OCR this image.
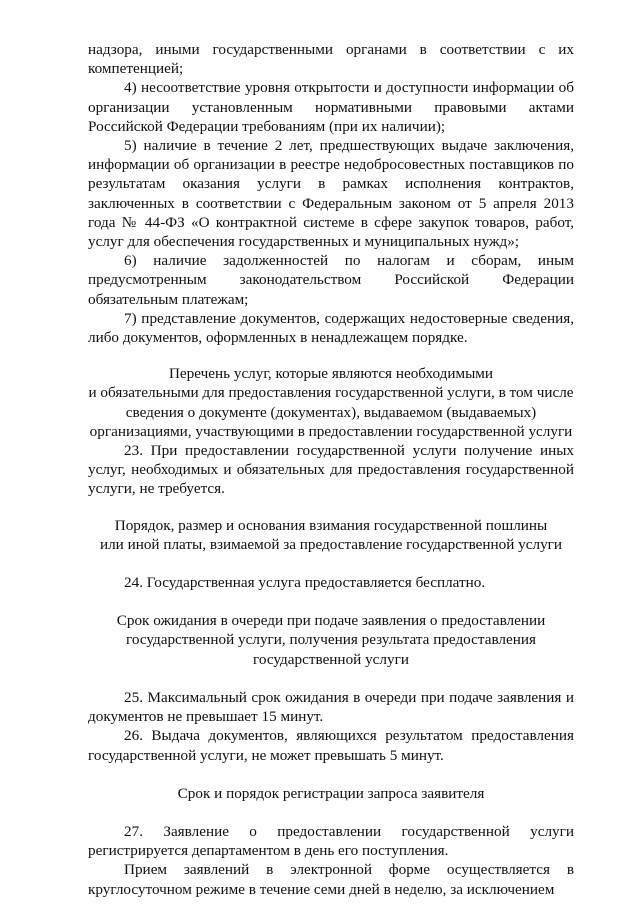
надзора, иными государственными органами в соответствии с их компетенцией;

4) несоответствие уровня открытости и доступности информации об организации установленным нормативными правовыми актами Российской Федерации требованиям (при их наличии);

5) наличие в течение 2 лет, предшествующих выдаче заключения, информации об организации в реестре недобросовестных поставщиков по результатам оказания услуги в рамках исполнения контрактов, заключенных в соответствии с Федеральным законом от 5 апреля 2013 года № 44-ФЗ «О контрактной системе в сфере закупок товаров, работ, услуг для обеспечения государственных и муниципальных нужд»;

6) наличие задолженностей по налогам и сборам, иным предусмотренным законодательством Российской Федерации обязательным платежам;

7) представление документов, содержащих недостоверные сведения, либо документов, оформленных в ненадлежащем порядке.

Перечень услуг, которые являются необходимыми

и обязательными для предоставления государственной услуги, в том числе

сведения о документе (документах), выдаваемом (выдаваемых)

организациями, участвующими в предоставлении государственной услуги

23. При предоставлении государственной услуги получение иных услуг, необходимых и обязательных для предоставления государственной услуги, не требуется.

Порядок, размер и основания взимания государственной пошлины

или иной платы, взимаемой за предоставление государственной услуги

24. Государственная услуга предоставляется бесплатно.

Срок ожидания в очереди при подаче заявления о предоставлении

государственной услуги, получения результата предоставления

государственной услуги

25. Максимальный срок ожидания в очереди при подаче заявления и документов не превышает 15 минут.

26. Выдача документов, являющихся результатом предоставления государственной услуги, не может превышать 5 минут.

Срок и порядок регистрации запроса заявителя

27. Заявление о предоставлении государственной услуги регистрируется департаментом в день его поступления.

Прием заявлений в электронной форме осуществляется в круглосуточном режиме в течение семи дней в неделю, за исключением
